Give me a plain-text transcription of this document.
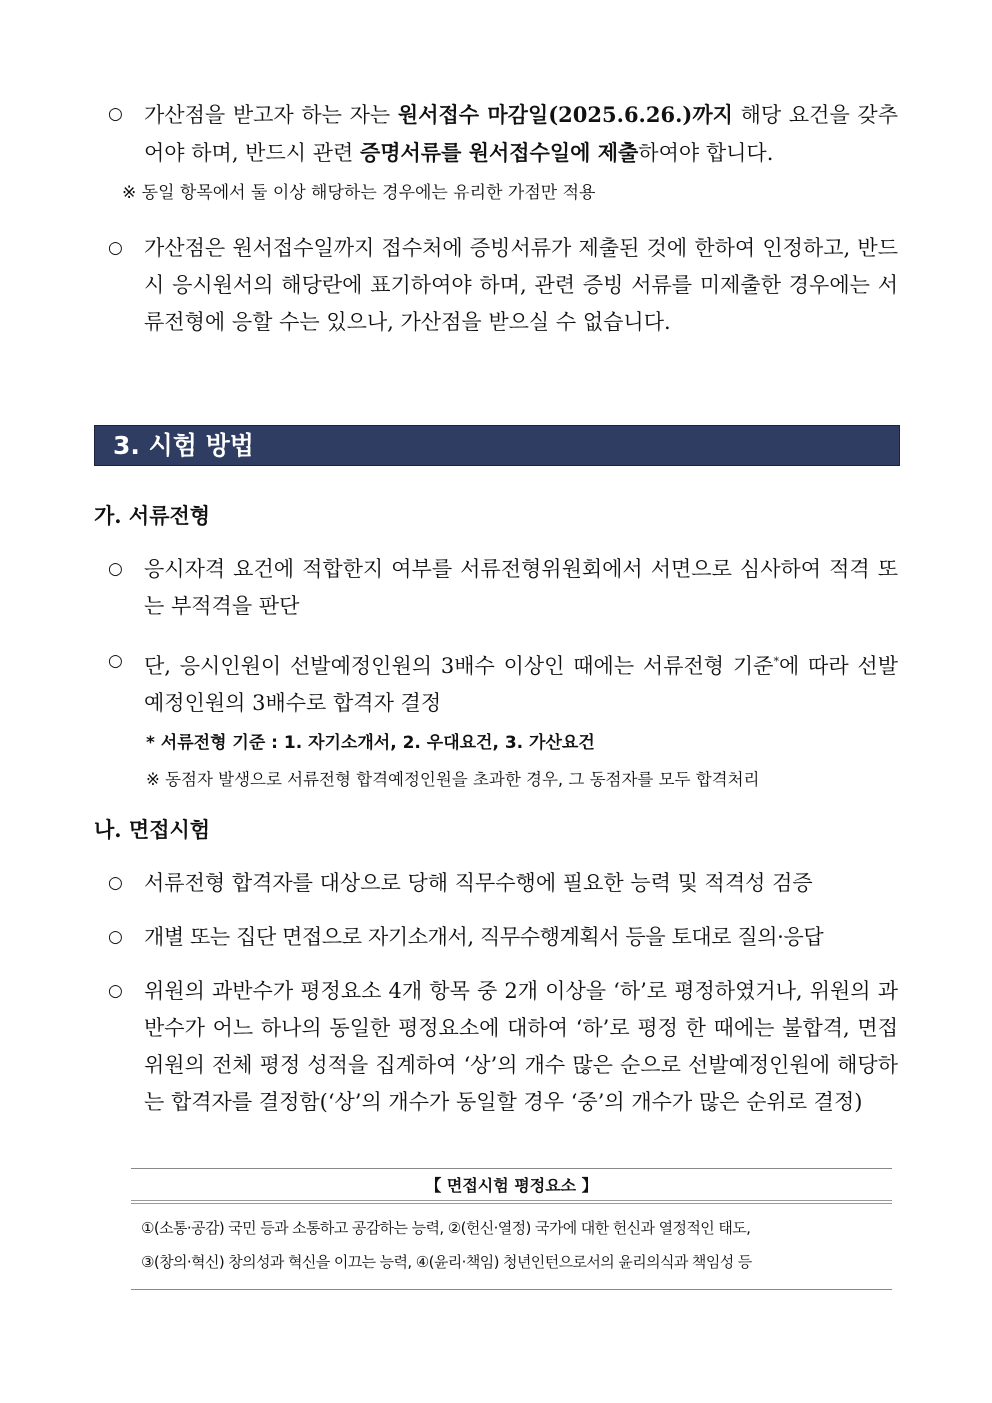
○	가산점을 받고자 하는 자는 원서접수 마감일(2025.6.26.)까지 해당 요건을 갖추어야 하며, 반드시 관련 증명서류를 원서접수일에 제출하여야 합니다.
※ 동일 항목에서 둘 이상 해당하는 경우에는 유리한 가점만 적용
○	가산점은 원서접수일까지 접수처에 증빙서류가 제출된 것에 한하여 인정하고, 반드시 응시원서의 해당란에 표기하여야 하며, 관련 증빙 서류를 미제출한 경우에는 서류전형에 응할 수는 있으나, 가산점을 받으실 수 없습니다.
3. 시험 방법
가. 서류전형
○	응시자격 요건에 적합한지 여부를 서류전형위원회에서 서면으로 심사하여 적격 또는 부적격을 판단
○	단, 응시인원이 선발예정인원의 3배수 이상인 때에는 서류전형 기준*에 따라 선발예정인원의 3배수로 합격자 결정
* 서류전형 기준 : 1. 자기소개서, 2. 우대요건, 3. 가산요건
※ 동점자 발생으로 서류전형 합격예정인원을 초과한 경우, 그 동점자를 모두 합격처리
나. 면접시험
○	서류전형 합격자를 대상으로 당해 직무수행에 필요한 능력 및 적격성 검증
○	개별 또는 집단 면접으로 자기소개서, 직무수행계획서 등을 토대로 질의·응답
○	위원의 과반수가 평정요소 4개 항목 중 2개 이상을 ‘하’로 평정하였거나, 위원의 과반수가 어느 하나의 동일한 평정요소에 대하여 ‘하’로 평정 한 때에는 불합격, 면접위원의 전체 평정 성적을 집계하여 ‘상’의 개수 많은 순으로 선발예정인원에 해당하는 합격자를 결정함(‘상’의 개수가 동일할 경우 ‘중’의 개수가 많은 순위로 결정)
【 면접시험 평정요소 】
①(소통·공감) 국민 등과 소통하고 공감하는 능력, ②(헌신·열정) 국가에 대한 헌신과 열정적인 태도,
③(창의·혁신) 창의성과 혁신을 이끄는 능력, ④(윤리·책임) 청년인턴으로서의 윤리의식과 책임성 등
